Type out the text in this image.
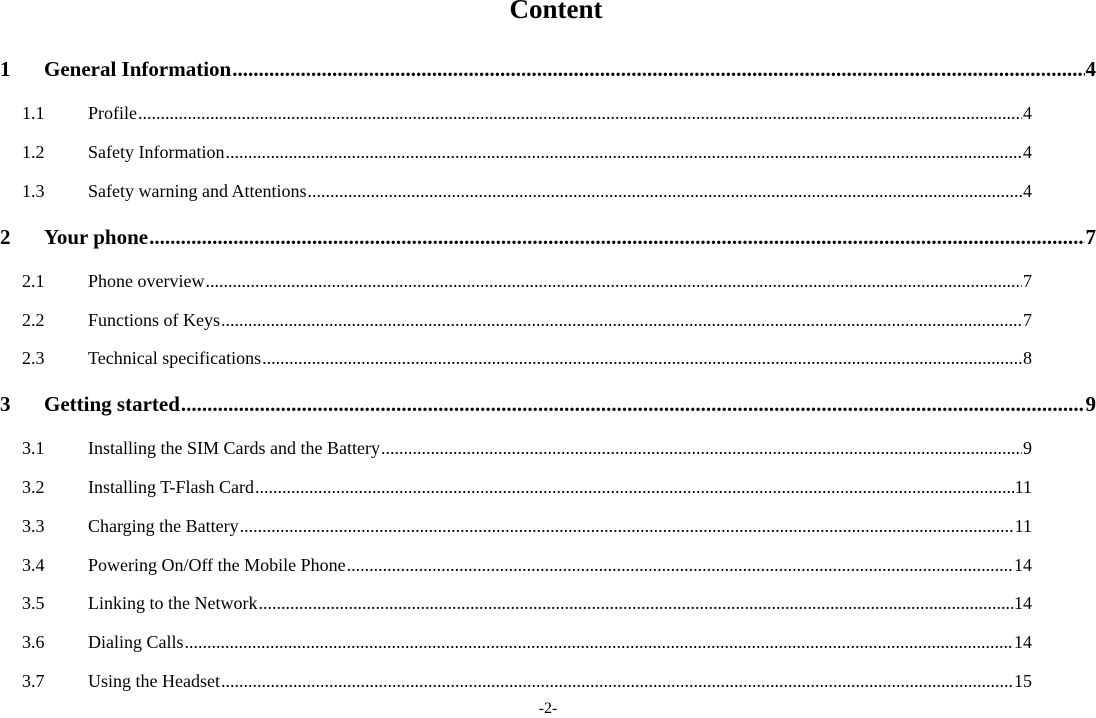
Content
1	General Information .....	4
1.1	Profile .....	4
1.2	Safety Information .....	4
1.3	Safety warning and Attentions .....	4
2	Your phone .....	7
2.1	Phone overview .....	7
2.2	Functions of Keys .....	7
2.3	Technical specifications .....	8
3	Getting started .....	9
3.1	Installing the SIM Cards and the Battery .....	9
3.2	Installing T-Flash Card .....	11
3.3	Charging the Battery .....	11
3.4	Powering On/Off the Mobile Phone .....	14
3.5	Linking to the Network .....	14
3.6	Dialing Calls .....	14
3.7	Using the Headset .....	15
-2-
